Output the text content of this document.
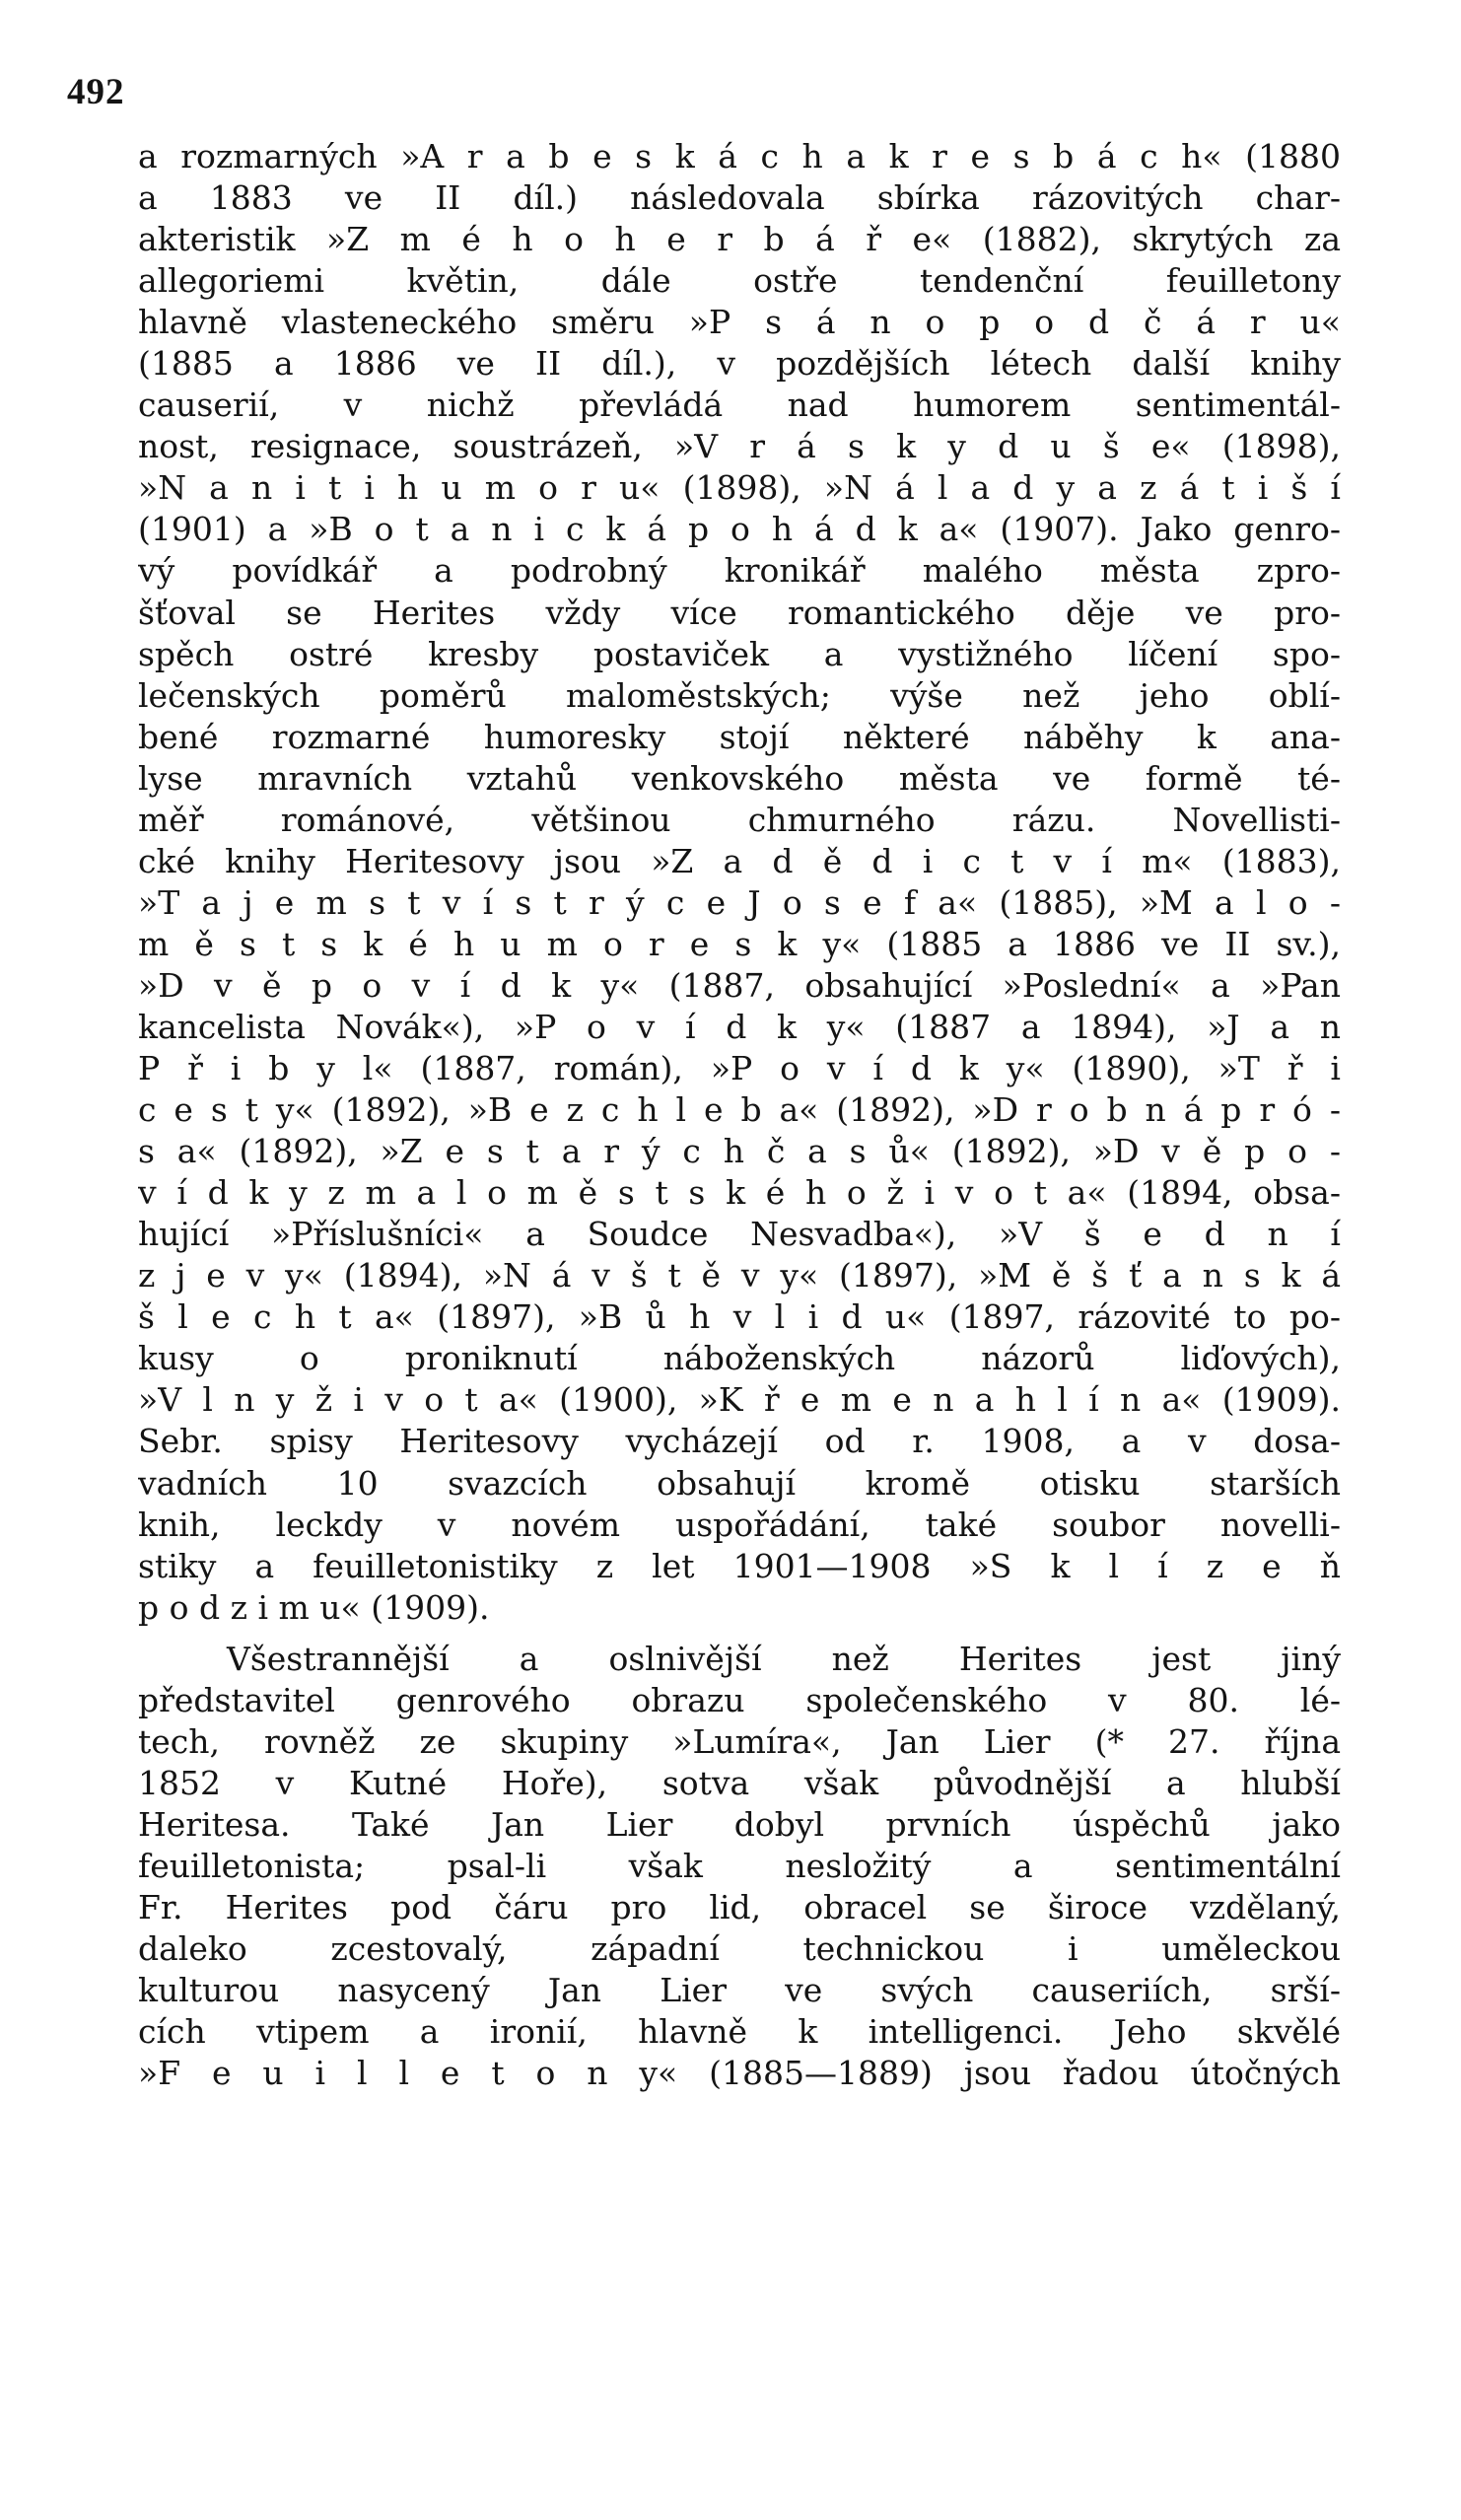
492
a rozmarných »A r a b e s k á c h a k r e s b á c h« (1880
a 1883 ve II díl.) následovala sbírka rázovitých char-
akteristik »Z m é h o h e r b á ř e« (1882), skrytých za
allegoriemi květin, dále ostře tendenční feuilletony
hlavně vlasteneckého směru »P s á n o p o d č á r u«
(1885 a 1886 ve II díl.), v pozdějších létech další knihy
causerií, v nichž převládá nad humorem sentimentál-
nost, resignace, soustrázeň, »V r á s k y d u š e« (1898),
»N a n i t i h u m o r u« (1898), »N á l a d y a z á t i š í
(1901) a »B o t a n i c k á p o h á d k a« (1907). Jako genro-
vý povídkář a podrobný kronikář malého města zpro-
šťoval se Herites vždy více romantického děje ve pro-
spěch ostré kresby postaviček a vystižného líčení spo-
lečenských poměrů maloměstských; výše než jeho oblí-
bené rozmarné humoresky stojí některé náběhy k ana-
lyse mravních vztahů venkovského města ve formě té-
měř románové, většinou chmurného rázu. Novellisti-
cké knihy Heritesovy jsou »Z a d ě d i c t v í m« (1883),
»T a j e m s t v í s t r ý c e J o s e f a« (1885), »M a l o -
m ě s t s k é h u m o r e s k y« (1885 a 1886 ve II sv.),
»D v ě p o v í d k y« (1887, obsahující »Poslední« a »Pan
kancelista Novák«), »P o v í d k y« (1887 a 1894), »J a n
P ř i b y l« (1887, román), »P o v í d k y« (1890), »T ř i
c e s t y« (1892), »B e z c h l e b a« (1892), »D r o b n á p r ó -
s a« (1892), »Z e s t a r ý c h č a s ů« (1892), »D v ě p o -
v í d k y z m a l o m ě s t s k é h o ž i v o t a« (1894, obsa-
hující »Příslušníci« a Soudce Nesvadba«), »V š e d n í
z j e v y« (1894), »N á v š t ě v y« (1897), »M ě š ť a n s k á
š l e c h t a« (1897), »B ů h v l i d u« (1897, rázovité to po-
kusy o proniknutí náboženských názorů liďových),
»V l n y ž i v o t a« (1900), »K ř e m e n a h l í n a« (1909).
Sebr. spisy Heritesovy vycházejí od r. 1908, a v dosa-
vadních 10 svazcích obsahují kromě otisku starších
knih, leckdy v novém uspořádání, také soubor novelli-
stiky a feuilletonistiky z let 1901—1908 »S k l í z e ň
p o d z i m u« (1909).
Všestrannější a oslnivější než Herites jest jiný
představitel genrového obrazu společenského v 80. lé-
tech, rovněž ze skupiny »Lumíra«, Jan Lier (* 27. října
1852 v Kutné Hoře), sotva však původnější a hlubší
Heritesa. Také Jan Lier dobyl prvních úspěchů jako
feuilletonista; psal-li však nesložitý a sentimentální
Fr. Herites pod čáru pro lid, obracel se široce vzdělaný,
daleko zcestovalý, západní technickou i uměleckou
kulturou nasycený Jan Lier ve svých causeriích, srší-
cích vtipem a ironií, hlavně k intelligenci. Jeho skvělé
»F e u i l l e t o n y« (1885—1889) jsou řadou útočných
